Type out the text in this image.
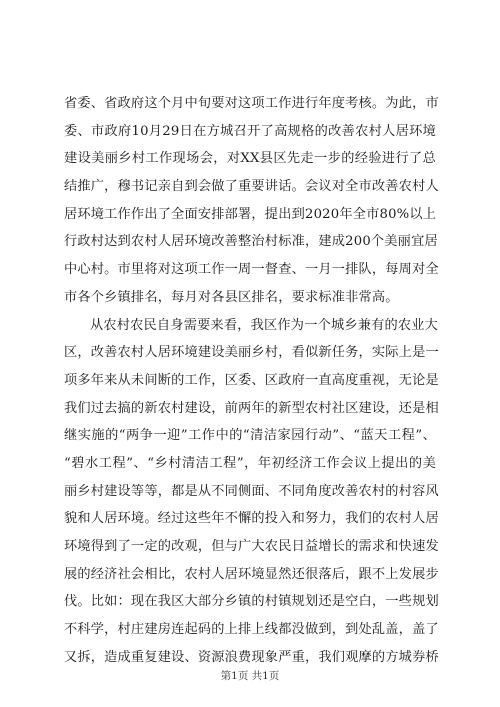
省委、省政府这个月中旬要对这项工作进行年度考核。为此，市
委、市政府10月29日在方城召开了高规格的改善农村人居环境
建设美丽乡村工作现场会，对XX县区先走一步的经验进行了总
结推广，穆书记亲自到会做了重要讲话。会议对全市改善农村人
居环境工作作出了全面安排部署，提出到2020年全市80%以上
行政村达到农村人居环境改善整治村标准，建成200个美丽宜居
中心村。市里将对这项工作一周一督查、一月一排队，每周对全
市各个乡镇排名，每月对各县区排名，要求标准非常高。
从农村农民自身需要来看，我区作为一个城乡兼有的农业大
区，改善农村人居环境建设美丽乡村，看似新任务，实际上是一
项多年来从未间断的工作，区委、区政府一直高度重视，无论是
我们过去搞的新农村建设，前两年的新型农村社区建设，还是相
继实施的“两争一迎”工作中的“清洁家园行动”、“蓝天工程”、
“碧水工程”、“乡村清洁工程”，年初经济工作会议上提出的美
丽乡村建设等等，都是从不同侧面、不同角度改善农村的村容风
貌和人居环境。经过这些年不懈的投入和努力，我们的农村人居
环境得到了一定的改观，但与广大农民日益增长的需求和快速发
展的经济社会相比，农村人居环境显然还很落后，跟不上发展步
伐。比如：现在我区大部分乡镇的村镇规划还是空白，一些规划
不科学，村庄建房连起码的上排上线都没做到，到处乱盖，盖了
又拆，造成重复建设、资源浪费现象严重，我们观摩的方城券桥
第1页 共1页
